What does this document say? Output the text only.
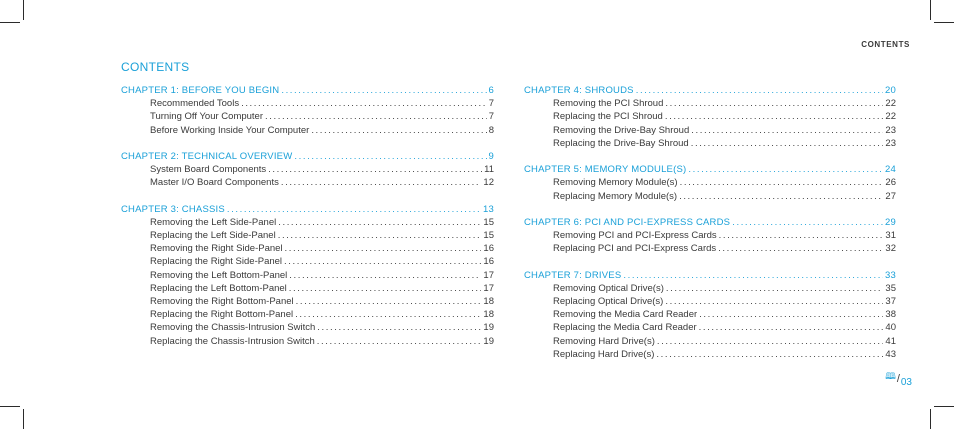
CONTENTS
CONTENTS
CHAPTER 1: BEFORE YOU BEGIN .....	6
Recommended Tools .....	7
Turning Off Your Computer .....	7
Before Working Inside Your Computer .....	8
CHAPTER 2: TECHNICAL OVERVIEW .....	9
System Board Components .....	11
Master I/O Board Components .....	12
CHAPTER 3: CHASSIS .....	13
Removing the Left Side-Panel .....	15
Replacing the Left Side-Panel .....	15
Removing the Right Side-Panel .....	16
Replacing the Right Side-Panel .....	16
Removing the Left Bottom-Panel .....	17
Replacing the Left Bottom-Panel .....	17
Removing the Right Bottom-Panel .....	18
Replacing the Right Bottom-Panel .....	18
Removing the Chassis-Intrusion Switch .....	19
Replacing the Chassis-Intrusion Switch .....	19
CHAPTER 4: SHROUDS .....	20
Removing the PCI Shroud .....	22
Replacing the PCI Shroud .....	22
Removing the Drive-Bay Shroud .....	23
Replacing the Drive-Bay Shroud .....	23
CHAPTER 5: MEMORY MODULE(S) .....	24
Removing Memory Module(s) .....	26
Replacing Memory Module(s) .....	27
CHAPTER 6: PCI AND PCI-EXPRESS CARDS .....	29
Removing PCI and PCI-Express Cards .....	31
Replacing PCI and PCI-Express Cards .....	32
CHAPTER 7: DRIVES .....	33
Removing Optical Drive(s) .....	35
Replacing Optical Drive(s) .....	37
Removing the Media Card Reader .....	38
Replacing the Media Card Reader .....	40
Removing Hard Drive(s) .....	41
Replacing Hard Drive(s) .....	43
🕮 / 03
